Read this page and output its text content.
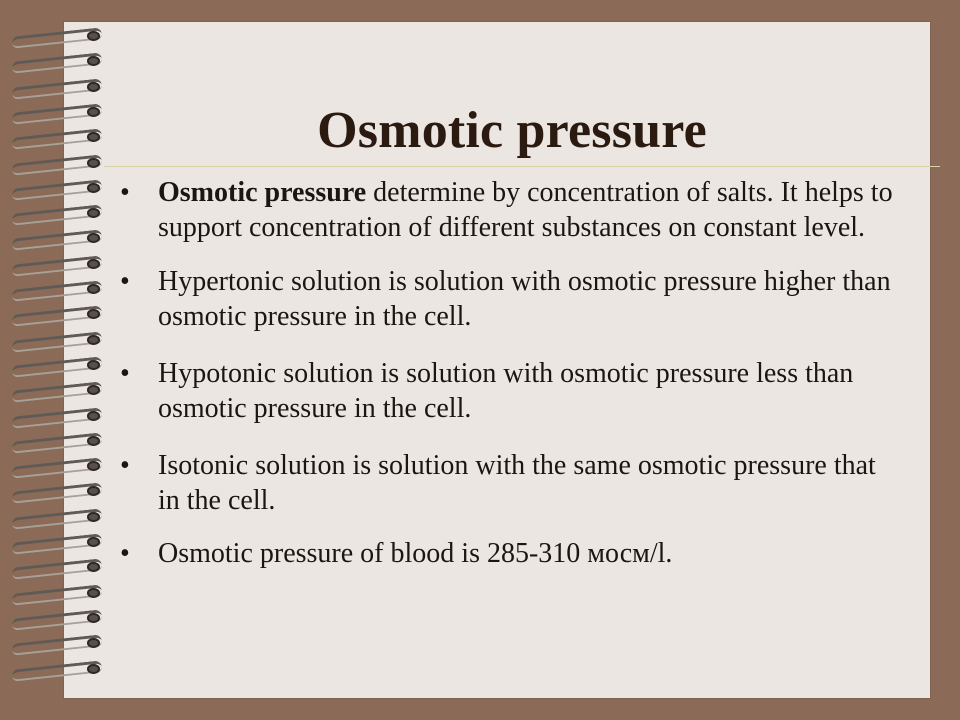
Osmotic pressure
• Osmotic pressure determine by concentration of salts. It helps to support concentration of different substances on constant level.
• Hypertonic solution is solution with osmotic pressure higher than osmotic pressure in the cell.
• Hypotonic solution is solution with osmotic pressure less than osmotic pressure in the cell.
• Isotonic solution is solution with the same osmotic pressure that in the cell.
• Osmotic pressure of blood is 285-310 мосм/l.
